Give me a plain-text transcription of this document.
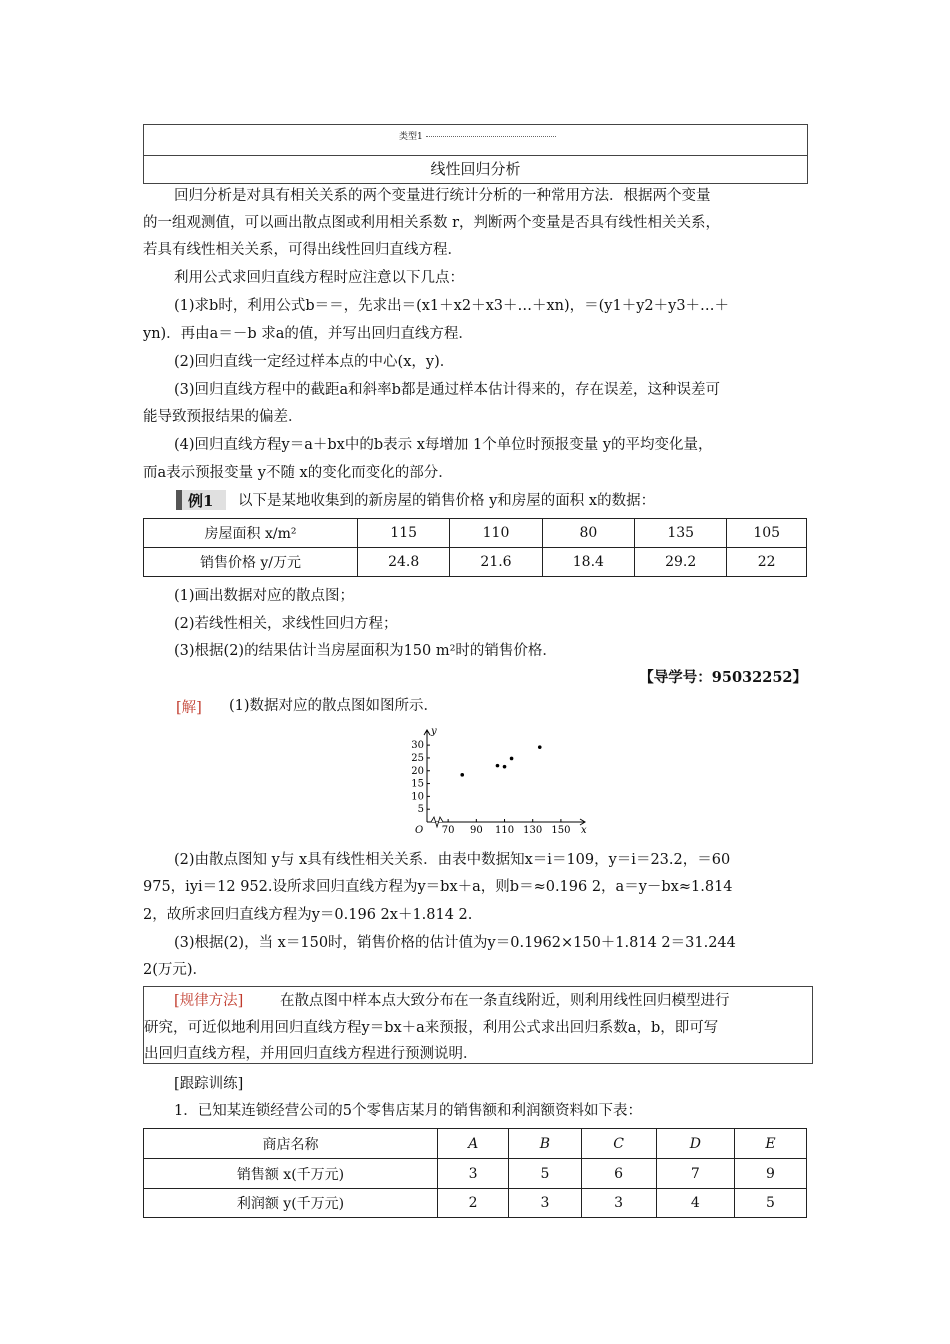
类型1
线性回归分析
回归分析是对具有相关关系的两个变量进行统计分析的一种常用方法．根据两个变量
的一组观测值，可以画出散点图或利用相关系数 r，判断两个变量是否具有线性相关关系，
若具有线性相关关系，可得出线性回归直线方程．
利用公式求回归直线方程时应注意以下几点：
(1)求b时，利用公式b＝＝，先求出＝(x1＋x2＋x3＋…＋xn)，＝(y1＋y2＋y3＋…＋
yn)．再由a＝－b 求a的值，并写出回归直线方程．
(2)回归直线一定经过样本点的中心(x，y)．
(3)回归直线方程中的截距a和斜率b都是通过样本估计得来的，存在误差，这种误差可
能导致预报结果的偏差．
(4)回归直线方程y＝a＋bx中的b表示 x每增加 1个单位时预报变量 y的平均变化量，
而a表示预报变量 y不随 x的变化而变化的部分．
例1 以下是某地收集到的新房屋的销售价格 y和房屋的面积 x的数据：
房屋面积 x/m²	115	110	80	135	105
销售价格 y/万元	24.8	21.6	18.4	29.2	22
(1)画出数据对应的散点图；
(2)若线性相关，求线性回归方程；
(3)根据(2)的结果估计当房屋面积为150 m²时的销售价格．
【导学号：95032252】
[解] (1)数据对应的散点图如图所示．
70 90 110 130 150
5
10
15
20
25
30
x
y
O
(2)由散点图知 y与 x具有线性相关关系．由表中数据知x＝i＝109，y＝i＝23.2，＝60
975，iyi＝12 952.设所求回归直线方程为y＝bx＋a，则b＝≈0.196 2，a＝y－bx≈1.814
2，故所求回归直线方程为y＝0.196 2x＋1.814 2.
(3)根据(2)，当 x＝150时，销售价格的估计值为y＝0.1962×150＋1.814 2＝31.244
2(万元)．
[规律方法]	在散点图中样本点大致分布在一条直线附近，则利用线性回归模型进行
研究，可近似地利用回归直线方程y＝bx＋a来预报，利用公式求出回归系数a，b，即可写
出回归直线方程，并用回归直线方程进行预测说明．
[跟踪训练]
1．已知某连锁经营公司的5个零售店某月的销售额和利润额资料如下表：
商店名称	A	B	C	D	E
销售额 x(千万元)	3	5	6	7	9
利润额 y(千万元)	2	3	3	4	5
